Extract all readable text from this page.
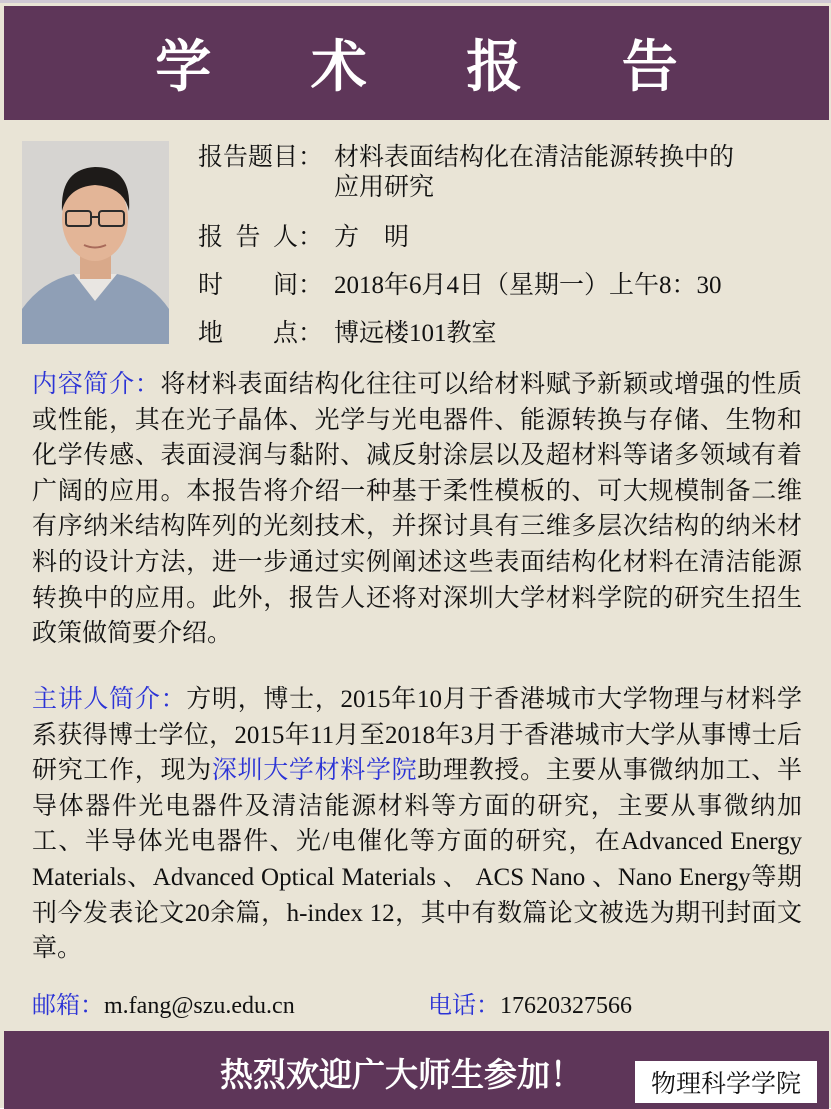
学 术 报 告
报告题目： 材料表面结构化在清洁能源转换中的
应用研究
报  告  人： 方    明
时        间： 2018年6月4日（星期一）上午8：30
地        点： 博远楼101教室
内容简介：将材料表面结构化往往可以给材料赋予新颖或增强的性质或性能，其在光子晶体、光学与光电器件、能源转换与存储、生物和化学传感、表面浸润与黏附、减反射涂层以及超材料等诸多领域有着广阔的应用。本报告将介绍一种基于柔性模板的、可大规模制备二维有序纳米结构阵列的光刻技术，并探讨具有三维多层次结构的纳米材料的设计方法，进一步通过实例阐述这些表面结构化材料在清洁能源转换中的应用。此外，报告人还将对深圳大学材料学院的研究生招生政策做简要介绍。
主讲人简介：方明，博士，2015年10月于香港城市大学物理与材料学系获得博士学位，2015年11月至2018年3月于香港城市大学从事博士后研究工作，现为深圳大学材料学院助理教授。主要从事微纳加工、半导体器件光电器件及清洁能源材料等方面的研究，主要从事微纳加工、半导体光电器件、光/电催化等方面的研究，在Advanced Energy Materials、Advanced Optical Materials 、 ACS Nano 、Nano Energy等期刊今发表论文20余篇，h-index 12，其中有数篇论文被选为期刊封面文章。
邮箱：m.fang@szu.edu.cn	电话：17620327566
热烈欢迎广大师生参加！	物理科学学院
